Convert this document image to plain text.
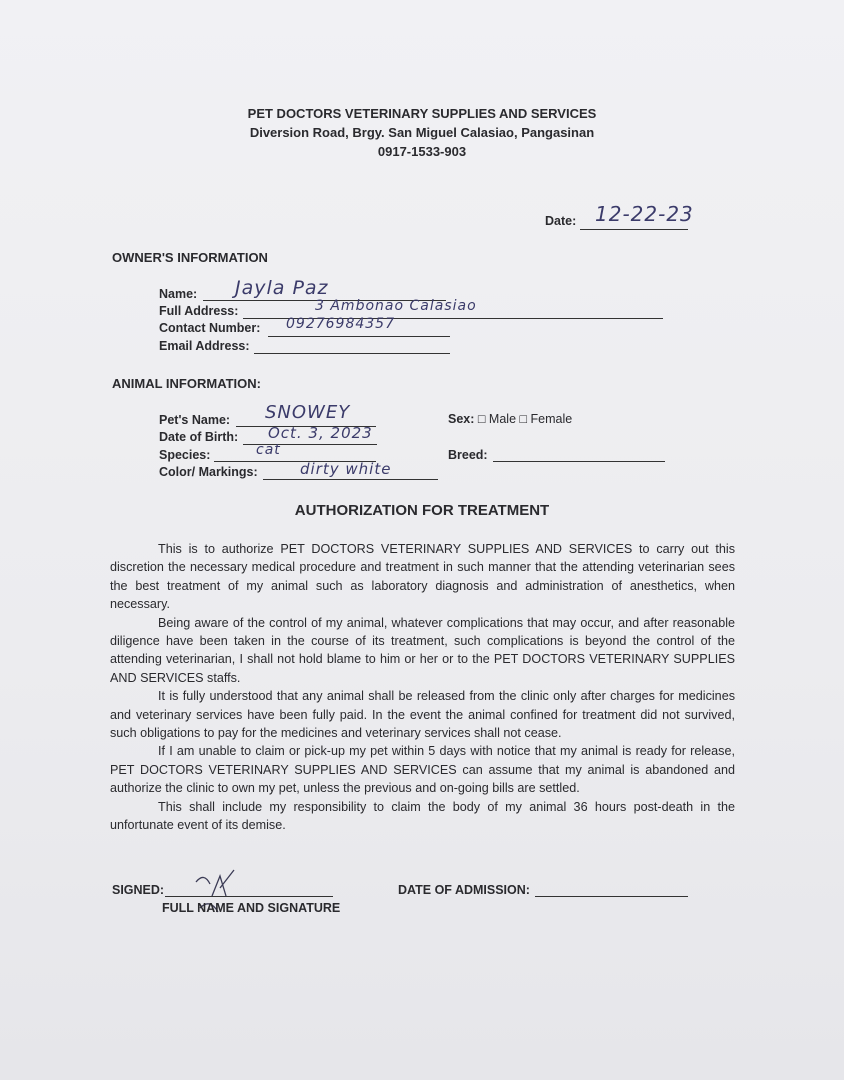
PET DOCTORS VETERINARY SUPPLIES AND SERVICES
Diversion Road, Brgy. San Miguel Calasiao, Pangasinan
0917-1533-903
Date: 12-22-23
OWNER'S INFORMATION
Name: Jayla Paz
Full Address:	3 Ambonao Calasiao
Contact Number: 09276984357
Email Address:
ANIMAL INFORMATION:
Pet's Name: SNOWEY
Date of Birth: Oct. 3, 2023
Species:	cat
Color/ Markings:	dirty white
Sex: □ Male □ Female
Breed:
AUTHORIZATION FOR TREATMENT

This is to authorize PET DOCTORS VETERINARY SUPPLIES AND SERVICES to carry out this discretion the necessary medical procedure and treatment in such manner that the attending veterinarian sees the best treatment of my animal such as laboratory diagnosis and administration of anesthetics, when necessary.

Being aware of the control of my animal, whatever complications that may occur, and after reasonable diligence have been taken in the course of its treatment, such complications is beyond the control of the attending veterinarian, I shall not hold blame to him or her or to the PET DOCTORS VETERINARY SUPPLIES AND SERVICES staffs.

It is fully understood that any animal shall be released from the clinic only after charges for medicines and veterinary services have been fully paid. In the event the animal confined for treatment did not survived, such obligations to pay for the medicines and veterinary services shall not cease.

If I am unable to claim or pick-up my pet within 5 days with notice that my animal is ready for release, PET DOCTORS VETERINARY SUPPLIES AND SERVICES can assume that my animal is abandoned and authorize the clinic to own my pet, unless the previous and on-going bills are settled.

This shall include my responsibility to claim the body of my animal 36 hours post-death in the unfortunate event of its demise.

SIGNED:
FULL NAME AND SIGNATURE
DATE OF ADMISSION:
